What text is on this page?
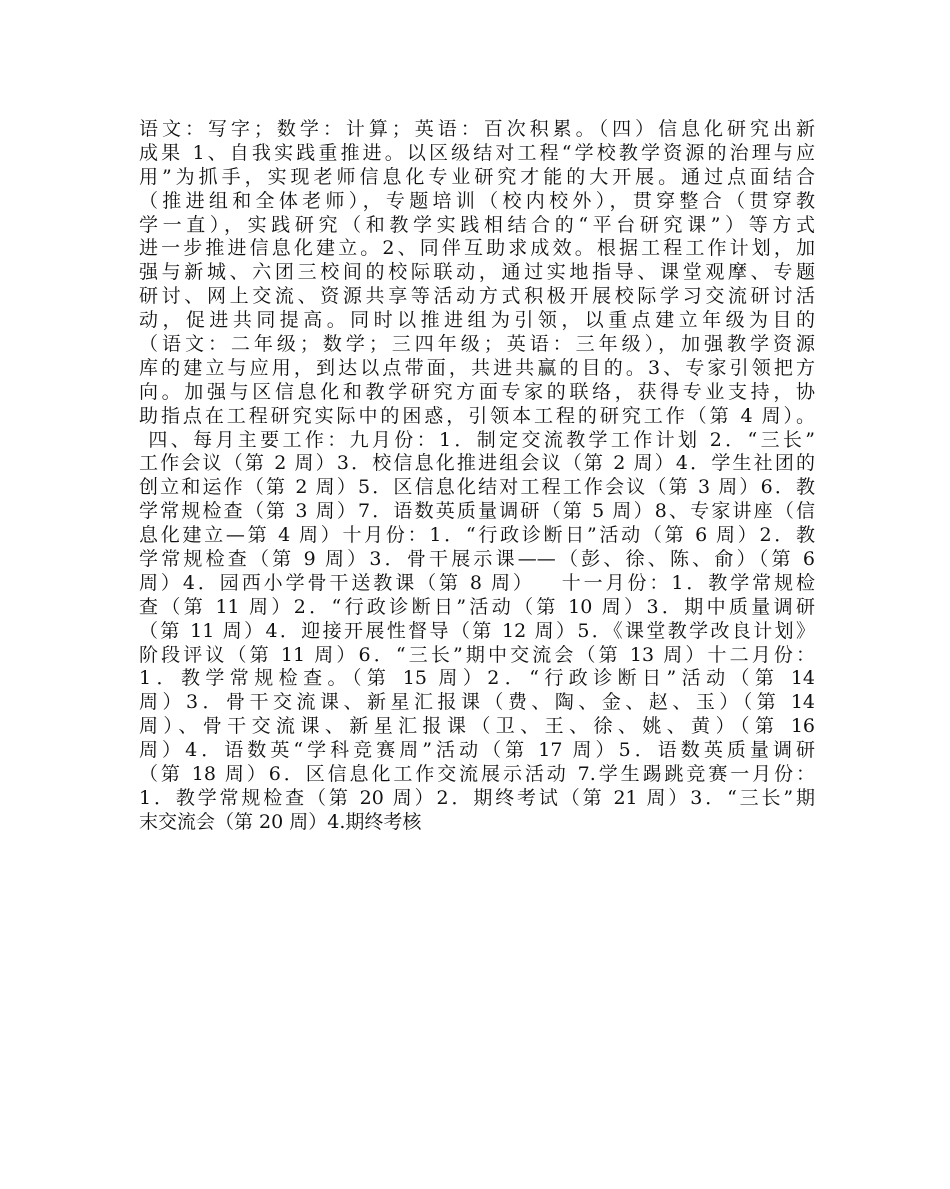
语文：写字；数学：计算；英语：百次积累。（四）信息化研究出新
成果 1、自我实践重推进。以区级结对工程“学校教学资源的治理与应
用”为抓手，实现老师信息化专业研究才能的大开展。通过点面结合
（推进组和全体老师），专题培训（校内校外），贯穿整合（贯穿教
学一直），实践研究（和教学实践相结合的“平台研究课”）等方式
进一步推进信息化建立。2、同伴互助求成效。根据工程工作计划，加
强与新城、六团三校间的校际联动，通过实地指导、课堂观摩、专题
研讨、网上交流、资源共享等活动方式积极开展校际学习交流研讨活
动，促进共同提高。同时以推进组为引领，以重点建立年级为目的
（语文：二年级；数学；三四年级；英语：三年级），加强教学资源
库的建立与应用，到达以点带面，共进共赢的目的。3、专家引领把方
向。加强与区信息化和教学研究方面专家的联络，获得专业支持，协
助指点在工程研究实际中的困惑，引领本工程的研究工作（第 4 周）。
四、每月主要工作：九月份：1．制定交流教学工作计划 2．“三长”
工作会议（第 2 周）3．校信息化推进组会议（第 2 周）4．学生社团的
创立和运作（第 2 周）5．区信息化结对工程工作会议（第 3 周）6．教
学常规检查（第 3 周）7．语数英质量调研（第 5 周）8、专家讲座（信
息化建立—第 4 周）十月份：1．“行政诊断日”活动（第 6 周）2．教
学常规检查（第 9 周）3．骨干展示课——（彭、徐、陈、俞）（第 6
周）4．园西小学骨干送教课（第 8 周）   十一月份：1．教学常规检
查（第 11 周）2．“行政诊断日”活动（第 10 周）3．期中质量调研
（第 11 周）4．迎接开展性督导（第 12 周）5．《课堂教学改良计划》
阶段评议（第 11 周）6．“三长”期中交流会（第 13 周）十二月份：
1．教学常规检查。（第 15 周）2．“行政诊断日”活动（第 14
周）3．骨干交流课、新星汇报课（费、陶、金、赵、玉）（第 14
周）、骨干交流课、新星汇报课（卫、王、徐、姚、黄）（第 16
周）4．语数英“学科竞赛周”活动（第 17 周）5．语数英质量调研
（第 18 周）6．区信息化工作交流展示活动 7.学生踢跳竞赛一月份：
1．教学常规检查（第 20 周）2．期终考试（第 21 周）3．“三长”期
末交流会（第 20 周）4.期终考核
